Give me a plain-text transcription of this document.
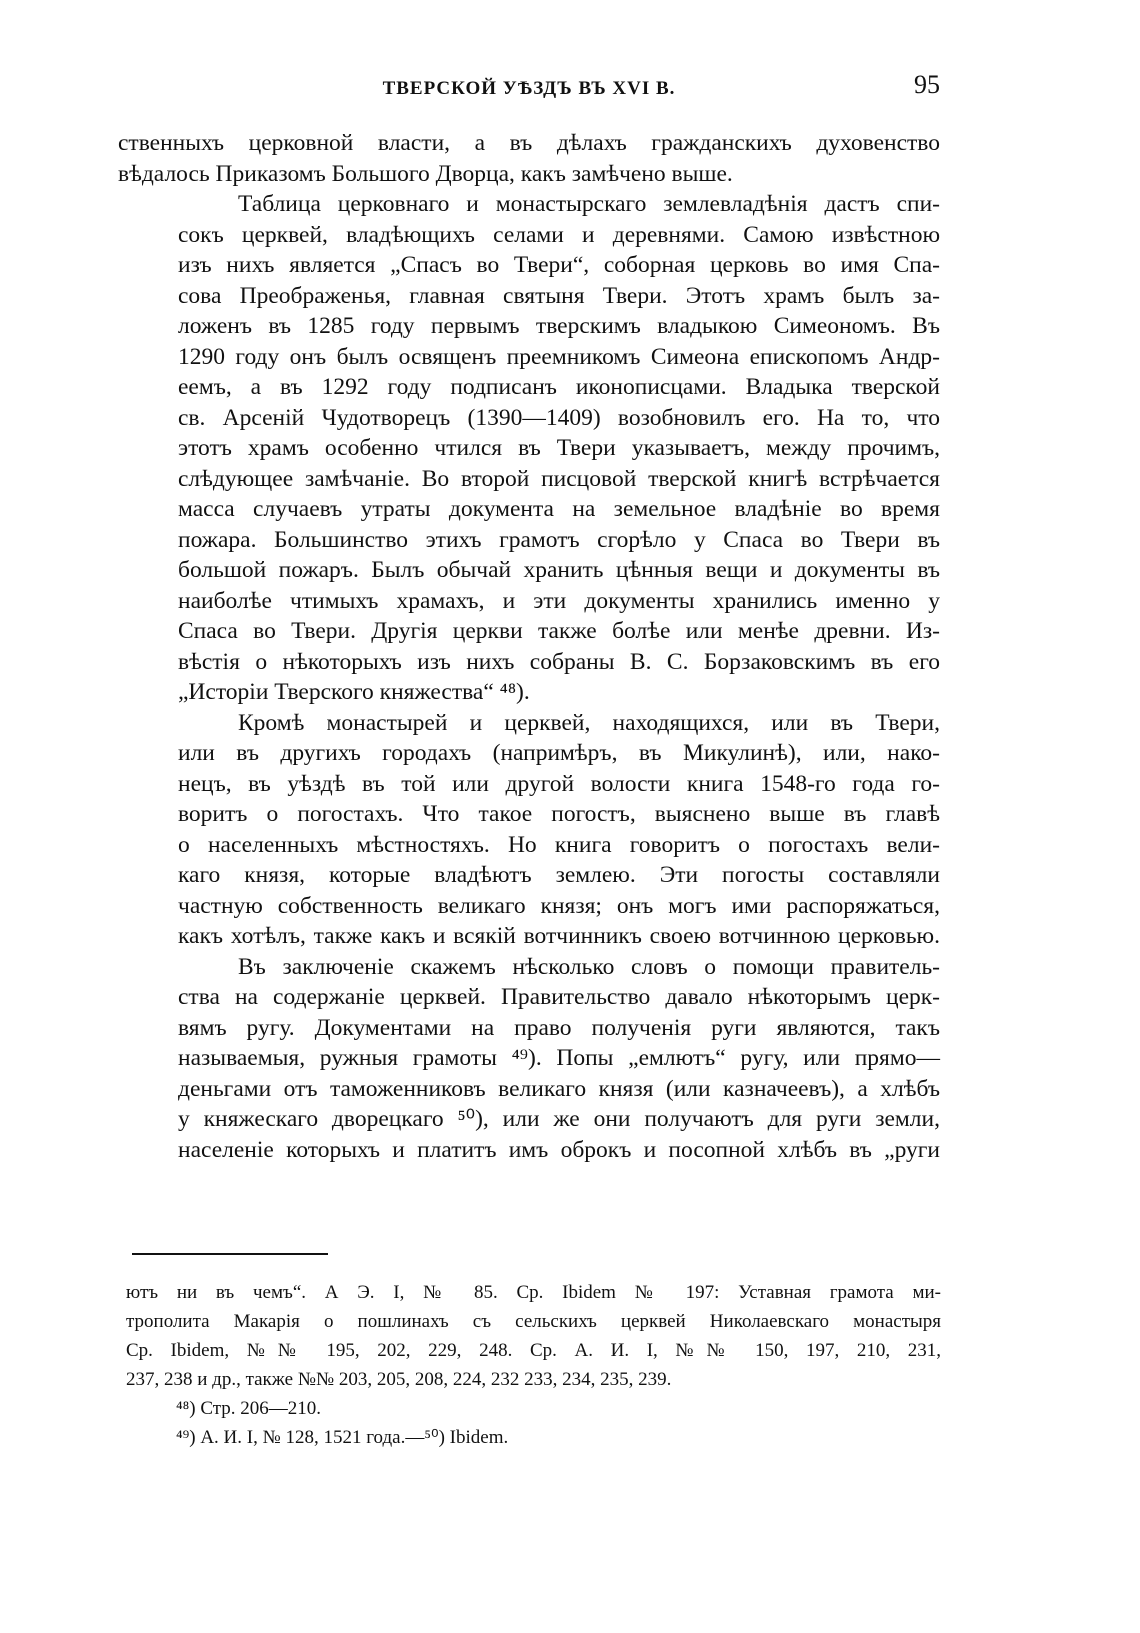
ТВЕРСКОЙ УѢЗДЪ ВЪ XVI В.	95

ственныхъ церковной власти, а въ дѣлахъ гражданскихъ духовенство
вѣдалось Приказомъ Большого Дворца, какъ замѣчено выше.

Таблица церковнаго и монастырскаго землевладѣнія дастъ спи-
сокъ церквей, владѣющихъ селами и деревнями. Самою извѣстною
изъ нихъ является „Спасъ во Твери“, соборная церковь во имя Спа-
сова Преображенья, главная святыня Твери. Этотъ храмъ былъ за-
ложенъ въ 1285 году первымъ тверскимъ владыкою Симеономъ. Въ
1290 году онъ былъ освященъ преемникомъ Симеона епископомъ Андр-
еемъ, а въ 1292 году подписанъ иконописцами. Владыка тверской
св. Арсеній Чудотворецъ (1390—1409) возобновилъ его. На то, что
этотъ храмъ особенно чтился въ Твери указываетъ, между прочимъ,
слѣдующее замѣчаніе. Во второй писцовой тверской книгѣ встрѣчается
масса случаевъ утраты документа на земельное владѣніе во время
пожара. Большинство этихъ грамотъ сгорѣло у Спаса во Твери въ
большой пожаръ. Былъ обычай хранить цѣнныя вещи и документы въ
наиболѣе чтимыхъ храмахъ, и эти документы хранились именно у
Спаса во Твери. Другія церкви также болѣе или менѣе древни. Из-
вѣстія о нѣкоторыхъ изъ нихъ собраны В. С. Борзаковскимъ въ его
„Исторіи Тверского княжества“ ⁴⁸).

Кромѣ монастырей и церквей, находящихся, или въ Твери,
или въ другихъ городахъ (напримѣръ, въ Микулинѣ), или, нако-
нецъ, въ уѣздѣ въ той или другой волости книга 1548-го года го-
воритъ о погостахъ. Что такое погостъ, выяснено выше въ главѣ
о населенныхъ мѣстностяхъ. Но книга говоритъ о погостахъ вели-
каго князя, которые владѣютъ землею. Эти погосты составляли
частную собственность великаго князя; онъ могъ ими распоряжаться,
какъ хотѣлъ, также какъ и всякій вотчинникъ своею вотчинною церковью.

Въ заключеніе скажемъ нѣсколько словъ о помощи правитель-
ства на содержаніе церквей. Правительство давало нѣкоторымъ церк-
вямъ ругу. Документами на право полученія руги являются, такъ
называемыя, ружныя грамоты ⁴⁹). Попы „емлютъ“ ругу, или прямо—
деньгами отъ таможенниковъ великаго князя (или казначеевъ), а хлѣбъ
у княжескаго дворецкаго ⁵⁰), или же они получаютъ для руги земли,
населеніе которыхъ и платитъ имъ оброкъ и посопной хлѣбъ въ „руги

ютъ ни въ чемъ“. А Э. I, № 85. Ср. Ibidem № 197: Уставная грамота ми-
трополита Макарія о пошлинахъ съ сельскихъ церквей Николаевскаго монастыря
Ср. Ibidem, №№ 195, 202, 229, 248. Ср. А. И. I, №№ 150, 197, 210, 231,
237, 238 и др., также №№ 203, 205, 208, 224, 232 233, 234, 235, 239.
⁴⁸) Стр. 206—210.
⁴⁹) А. И. I, № 128, 1521 года.—⁵⁰) Ibidem.
